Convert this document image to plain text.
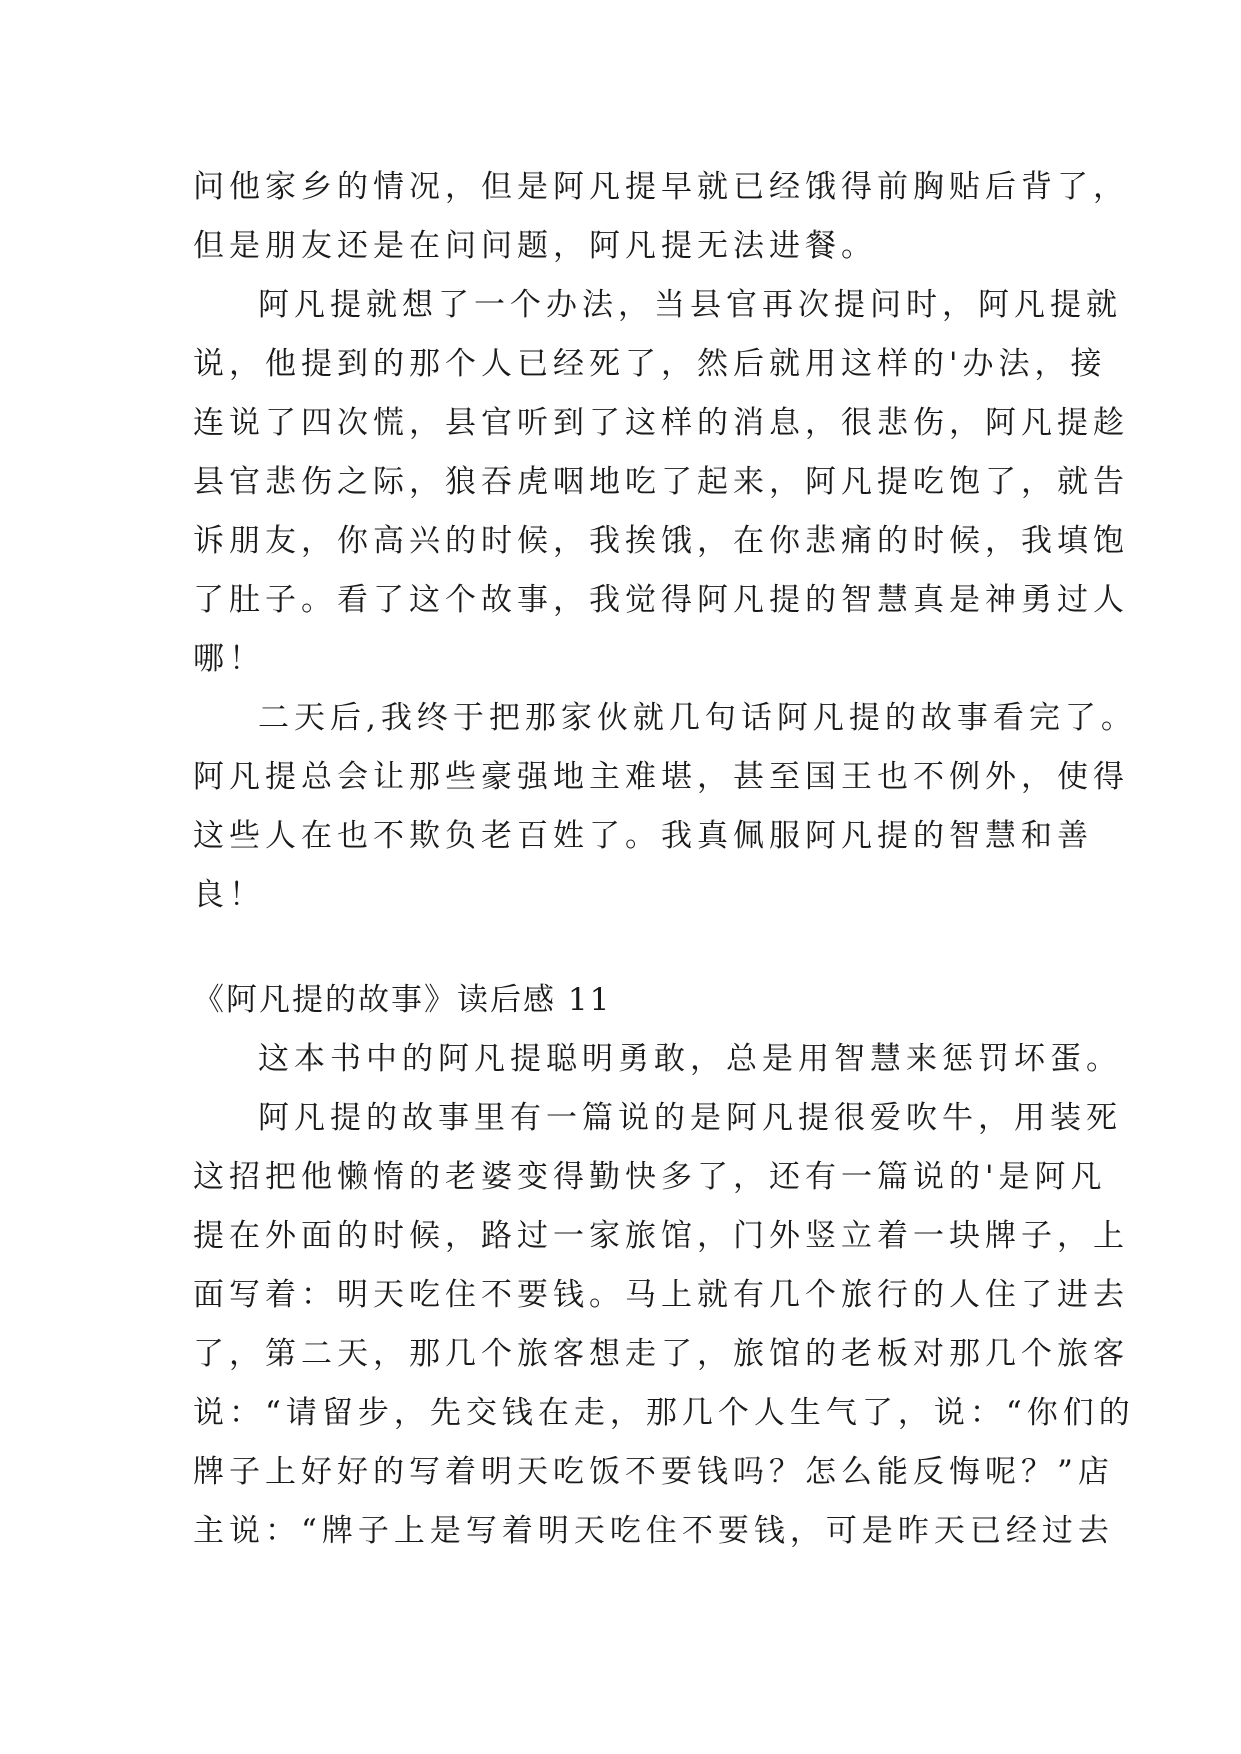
问他家乡的情况，但是阿凡提早就已经饿得前胸贴后背了，
但是朋友还是在问问题，阿凡提无法进餐。
阿凡提就想了一个办法，当县官再次提问时，阿凡提就
说，他提到的那个人已经死了，然后就用这样的'办法，接
连说了四次慌，县官听到了这样的消息，很悲伤，阿凡提趁
县官悲伤之际，狼吞虎咽地吃了起来，阿凡提吃饱了，就告
诉朋友，你高兴的时候，我挨饿，在你悲痛的时候，我填饱
了肚子。看了这个故事，我觉得阿凡提的智慧真是神勇过人
哪！
二天后,我终于把那家伙就几句话阿凡提的故事看完了。
阿凡提总会让那些豪强地主难堪，甚至国王也不例外，使得
这些人在也不欺负老百姓了。我真佩服阿凡提的智慧和善
良！
《阿凡提的故事》读后感 11
这本书中的阿凡提聪明勇敢，总是用智慧来惩罚坏蛋。
阿凡提的故事里有一篇说的是阿凡提很爱吹牛，用装死
这招把他懒惰的老婆变得勤快多了，还有一篇说的'是阿凡
提在外面的时候，路过一家旅馆，门外竖立着一块牌子，上
面写着：明天吃住不要钱。马上就有几个旅行的人住了进去
了，第二天，那几个旅客想走了，旅馆的老板对那几个旅客
说：“请留步，先交钱在走，那几个人生气了，说：“你们的
牌子上好好的写着明天吃饭不要钱吗？怎么能反悔呢？”店
主说：“牌子上是写着明天吃住不要钱，可是昨天已经过去
